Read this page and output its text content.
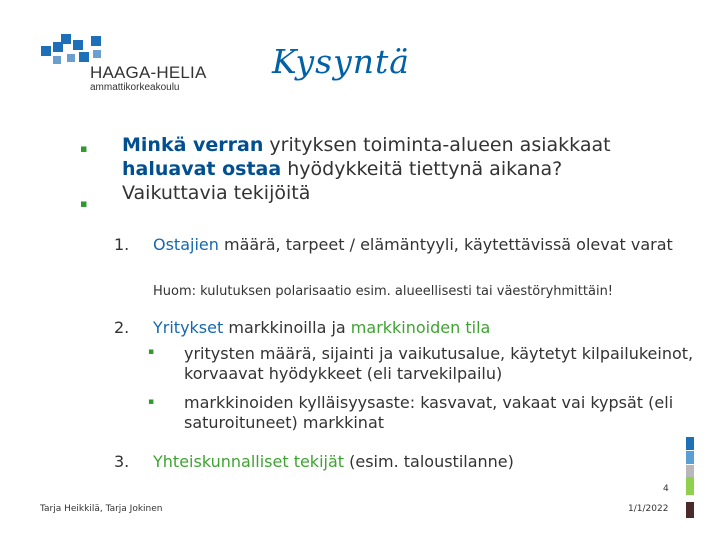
HAAGA-HELIA
ammattikorkeakoulu
Kysyntä
▪
▪
Minkä verran yrityksen toiminta-alueen asiakkaat haluavat ostaa hyödykkeitä tiettynä aikana?
Vaikuttavia tekijöitä
1. Ostajien määrä, tarpeet / elämäntyyli, käytettävissä olevat varat
Huom: kulutuksen polarisaatio esim. alueellisesti tai väestöryhmittäin!
2. Yritykset markkinoilla ja markkinoiden tila
▪ yritysten määrä, sijainti ja vaikutusalue, käytetyt kilpailukeinot, korvaavat hyödykkeet (eli tarvekilpailu)
▪ markkinoiden kylläisyysaste: kasvavat, vakaat vai kypsät (eli saturoituneet) markkinat
3. Yhteiskunnalliset tekijät (esim. taloustilanne)
4
Tarja Heikkilä, Tarja Jokinen	1/1/2022
